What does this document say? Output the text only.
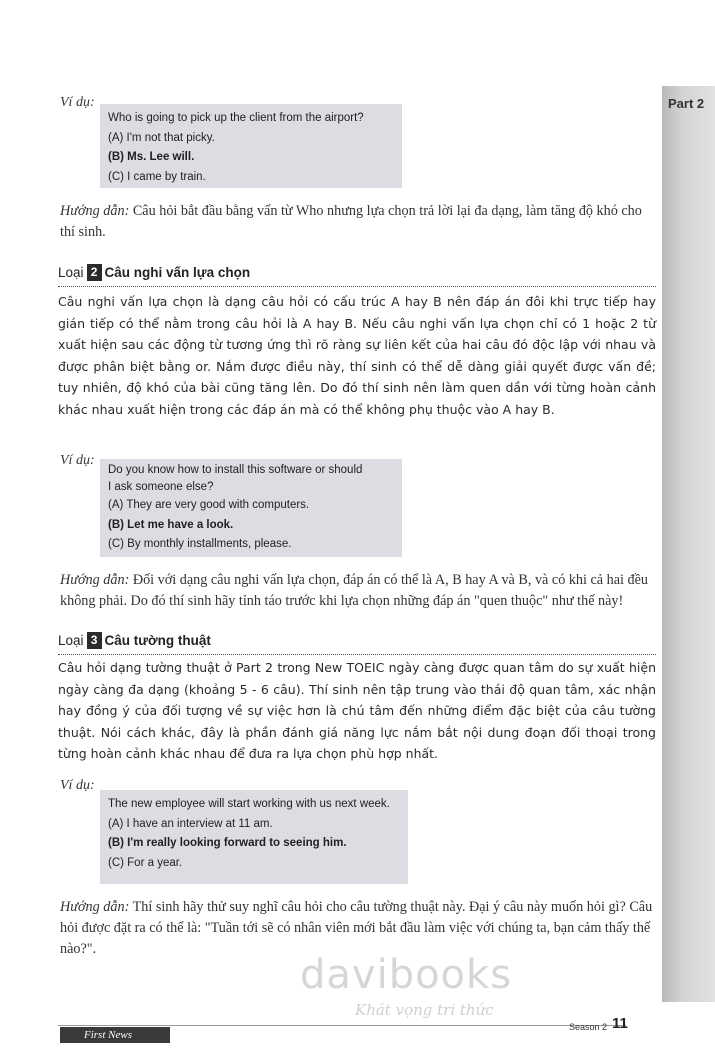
Part 2
Ví dụ:
Who is going to pick up the client from the airport?
(A) I'm not that picky.
(B) Ms. Lee will.
(C) I came by train.
Hướng dẫn: Câu hỏi bắt đầu bằng vấn từ Who nhưng lựa chọn trả lời lại đa dạng, làm tăng độ khó cho thí sinh.
Loại 2 Câu nghi vấn lựa chọn
Câu nghi vấn lựa chọn là dạng câu hỏi có cấu trúc A hay B nên đáp án đôi khi trực tiếp hay gián tiếp có thể nằm trong câu hỏi là A hay B. Nếu câu nghi vấn lựa chọn chỉ có 1 hoặc 2 từ xuất hiện sau các động từ tương ứng thì rõ ràng sự liên kết của hai câu đó độc lập với nhau và được phân biệt bằng or. Nắm được điều này, thí sinh có thể dễ dàng giải quyết được vấn đề; tuy nhiên, độ khó của bài cũng tăng lên. Do đó thí sinh nên làm quen dần với từng hoàn cảnh khác nhau xuất hiện trong các đáp án mà có thể không phụ thuộc vào A hay B.
Ví dụ:
Do you know how to install this software or should
I ask someone else?
(A) They are very good with computers.
(B) Let me have a look.
(C) By monthly installments, please.
Hướng dẫn: Đối với dạng câu nghi vấn lựa chọn, đáp án có thể là A, B hay A và B, và có khi cả hai đều không phải. Do đó thí sinh hãy tỉnh táo trước khi lựa chọn những đáp án "quen thuộc" như thế này!
Loại 3 Câu tường thuật
Câu hỏi dạng tường thuật ở Part 2 trong New TOEIC ngày càng được quan tâm do sự xuất hiện ngày càng đa dạng (khoảng 5 - 6 câu). Thí sinh nên tập trung vào thái độ quan tâm, xác nhận hay đồng ý của đối tượng về sự việc hơn là chú tâm đến những điểm đặc biệt của câu tường thuật. Nói cách khác, đây là phần đánh giá năng lực nắm bắt nội dung đoạn đối thoại trong từng hoàn cảnh khác nhau để đưa ra lựa chọn phù hợp nhất.
Ví dụ:
The new employee will start working with us next week.
(A) I have an interview at 11 am.
(B) I'm really looking forward to seeing him.
(C) For a year.
Hướng dẫn: Thí sinh hãy thử suy nghĩ câu hỏi cho câu tường thuật này. Đại ý câu này muốn hỏi gì? Câu hỏi được đặt ra có thể là: "Tuần tới sẽ có nhân viên mới bắt đầu làm việc với chúng ta, bạn cảm thấy thế nào?".
davibooks
Khát vọng tri thức
First News
Season 2 11
